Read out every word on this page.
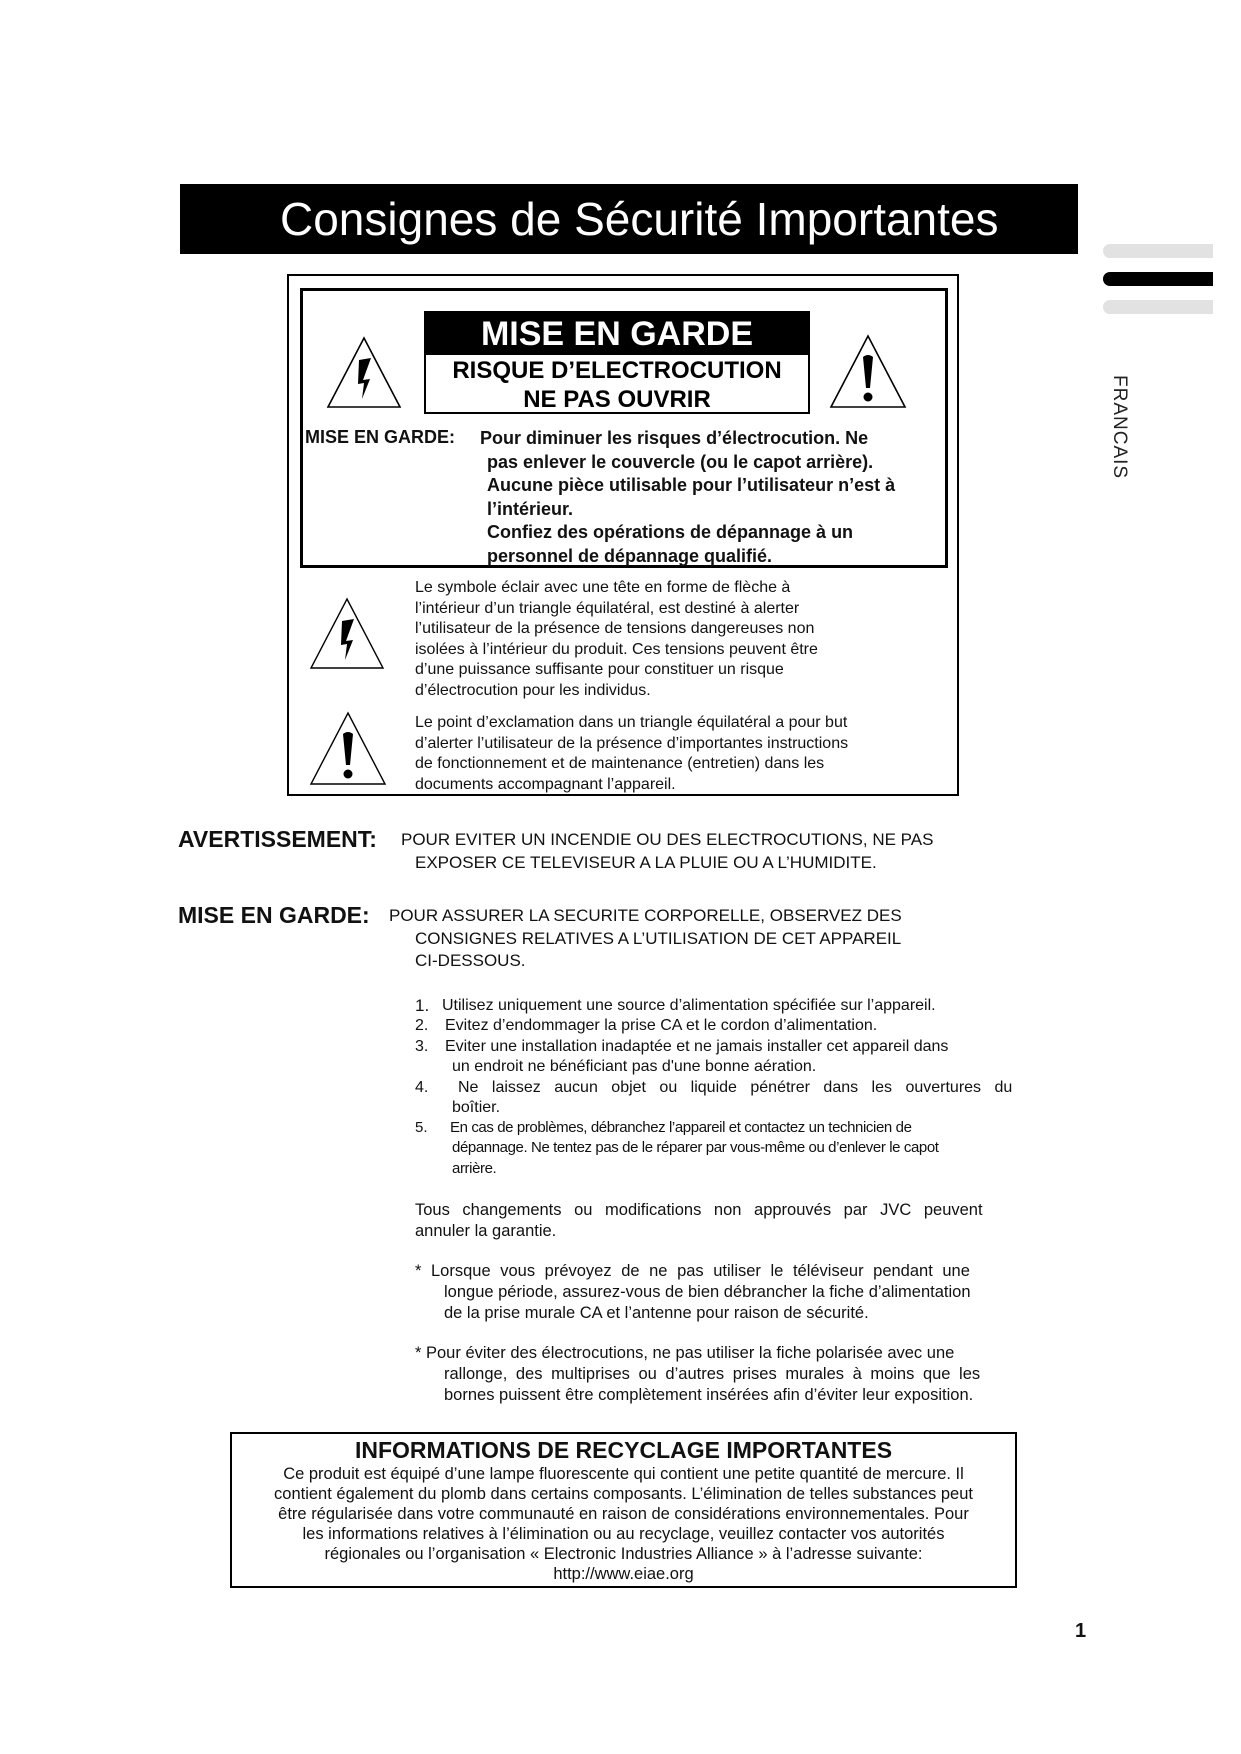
Consignes de Sécurité Importantes
FRANCAIS
MISE EN GARDE
RISQUE D’ELECTROCUTION
NE PAS OUVRIR
MISE EN GARDE: Pour diminuer les risques d’électrocution. Ne
pas enlever le couvercle (ou le capot arrière).
Aucune pièce utilisable pour l’utilisateur n’est à
l’intérieur.
Confiez des opérations de dépannage à un
personnel de dépannage qualifié.
Le symbole éclair avec une tête en forme de flèche à
l’intérieur d’un triangle équilatéral, est destiné à alerter
l’utilisateur de la présence de tensions dangereuses non
isolées à l’intérieur du produit. Ces tensions peuvent être
d’une puissance suffisante pour constituer un risque
d’électrocution pour les individus.
Le point d’exclamation dans un triangle équilatéral a pour but
d’alerter l’utilisateur de la présence d’importantes instructions
de fonctionnement et de maintenance (entretien) dans les
documents accompagnant l’appareil.
AVERTISSEMENT: POUR EVITER UN INCENDIE OU DES ELECTROCUTIONS, NE PAS
EXPOSER CE TELEVISEUR A LA PLUIE OU A L’HUMIDITE.
MISE EN GARDE: POUR ASSURER LA SECURITE CORPORELLE, OBSERVEZ DES
CONSIGNES RELATIVES A L’UTILISATION DE CET APPAREIL
CI-DESSOUS.
1. Utilisez uniquement une source d’alimentation spécifiée sur l’appareil.
2. Evitez d’endommager la prise CA et le cordon d’alimentation.
3. Eviter une installation inadaptée et ne jamais installer cet appareil dans
un endroit ne bénéficiant pas d'une bonne aération.
4. Ne laissez aucun objet ou liquide pénétrer dans les ouvertures du
boîtier.
5. En cas de problèmes, débranchez l’appareil et contactez un technicien de
dépannage. Ne tentez pas de le réparer par vous-même ou d’enlever le capot
arrière.
Tous changements ou modifications non approuvés par JVC peuvent
annuler la garantie.
* Lorsque vous prévoyez de ne pas utiliser le téléviseur pendant une
longue période, assurez-vous de bien débrancher la fiche d’alimentation
de la prise murale CA et l’antenne pour raison de sécurité.
* Pour éviter des électrocutions, ne pas utiliser la fiche polarisée avec une
rallonge, des multiprises ou d’autres prises murales à moins que les
bornes puissent être complètement insérées afin d’éviter leur exposition.
INFORMATIONS DE RECYCLAGE IMPORTANTES
Ce produit est équipé d’une lampe fluorescente qui contient une petite quantité de mercure. Il
contient également du plomb dans certains composants. L’élimination de telles substances peut
être régularisée dans votre communauté en raison de considérations environnementales. Pour
les informations relatives à l’élimination ou au recyclage, veuillez contacter vos autorités
régionales ou l’organisation « Electronic Industries Alliance » à l’adresse suivante:
http://www.eiae.org
1
